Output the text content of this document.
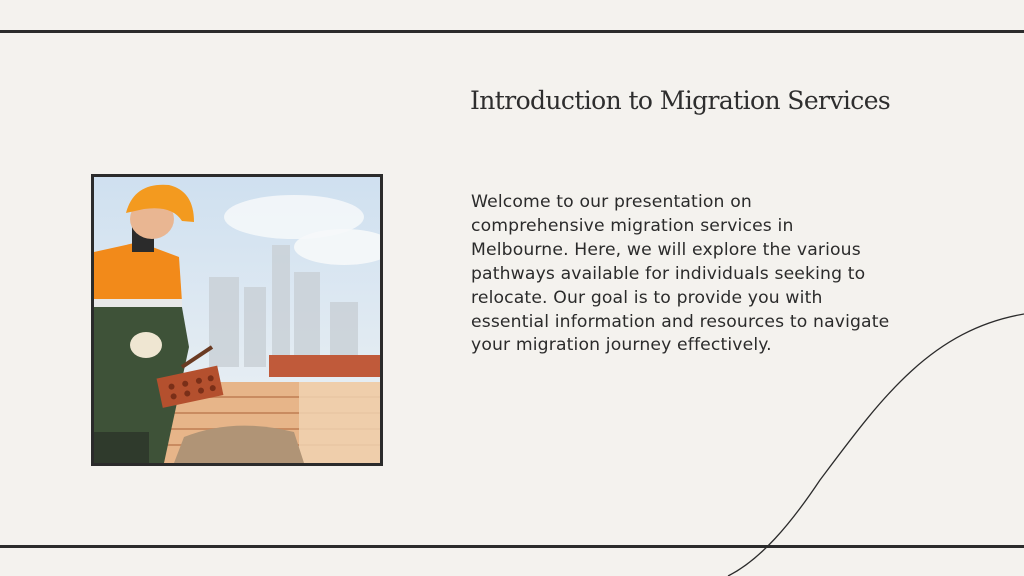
Introduction to Migration Services
Welcome to our presentation on comprehensive migration services in Melbourne. Here, we will explore the various pathways available for individuals seeking to relocate. Our goal is to provide you with essential information and resources to navigate your migration journey effectively.
